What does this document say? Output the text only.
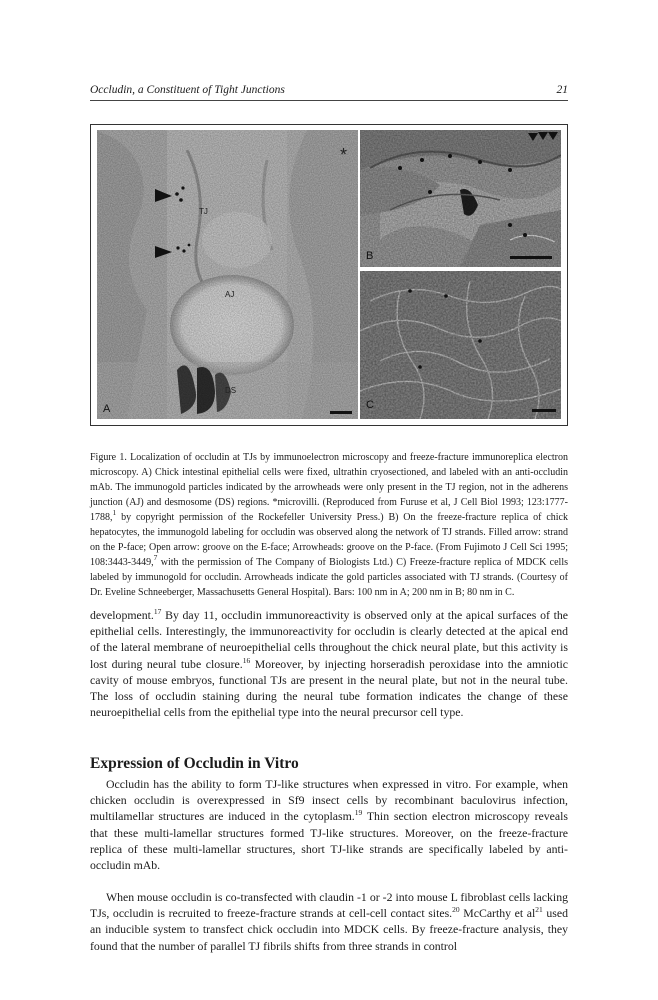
Occludin, a Constituent of Tight Junctions	21
*
TJ
AJ
DS
A
B
C

Figure 1. Localization of occludin at TJs by immunoelectron microscopy and freeze-fracture immunoreplica electron microscopy. A) Chick intestinal epithelial cells were fixed, ultrathin cryosectioned, and labeled with an anti-occludin mAb. The immunogold particles indicated by the arrowheads were only present in the TJ region, not in the adherens junction (AJ) and desmosome (DS) regions. *microvilli. (Reproduced from Furuse et al, J Cell Biol 1993; 123:1777-1788,$^1$ by copyright permission of the Rockefeller University Press.) B) On the freeze-fracture replica of chick hepatocytes, the immunogold labeling for occludin was observed along the network of TJ strands. Filled arrow: strand on the P-face; Open arrow: groove on the E-face; Arrowheads: groove on the P-face. (From Fujimoto J Cell Sci 1995; 108:3443-3449,$^7$ with the permission of The Company of Biologists Ltd.) C) Freeze-fracture replica of MDCK cells labeled by immunogold for occludin. Arrowheads indicate the gold particles associated with TJ strands. (Courtesy of Dr. Eveline Schneeberger, Massachusetts General Hospital). Bars: 100 nm in A; 200 nm in B; 80 nm in C.

development.$^{17}$ By day 11, occludin immunoreactivity is observed only at the apical surfaces of the epithelial cells. Interestingly, the immunoreactivity for occludin is clearly detected at the apical end of the lateral membrane of neuroepithelial cells throughout the chick neural plate, but this activity is lost during neural tube closure.$^{16}$ Moreover, by injecting horseradish peroxidase into the amniotic cavity of mouse embryos, functional TJs are present in the neural plate, but not in the neural tube. The loss of occludin staining during the neural tube formation indicates the change of these neuroepithelial cells from the epithelial type into the neural precursor cell type.

Expression of Occludin in Vitro

Occludin has the ability to form TJ-like structures when expressed in vitro. For example, when chicken occludin is overexpressed in Sf9 insect cells by recombinant baculovirus infection, multilamellar structures are induced in the cytoplasm.$^{19}$ Thin section electron microscopy reveals that these multi-lamellar structures formed TJ-like structures. Moreover, on the freeze-fracture replica of these multi-lamellar structures, short TJ-like strands are specifically labeled by anti-occludin mAb.

When mouse occludin is co-transfected with claudin -1 or -2 into mouse L fibroblast cells lacking TJs, occludin is recruited to freeze-fracture strands at cell-cell contact sites.$^{20}$ McCarthy et $al^{21}$ used an inducible system to transfect chick occludin into MDCK cells. By freeze-fracture analysis, they found that the number of parallel TJ fibrils shifts from three strands in control
